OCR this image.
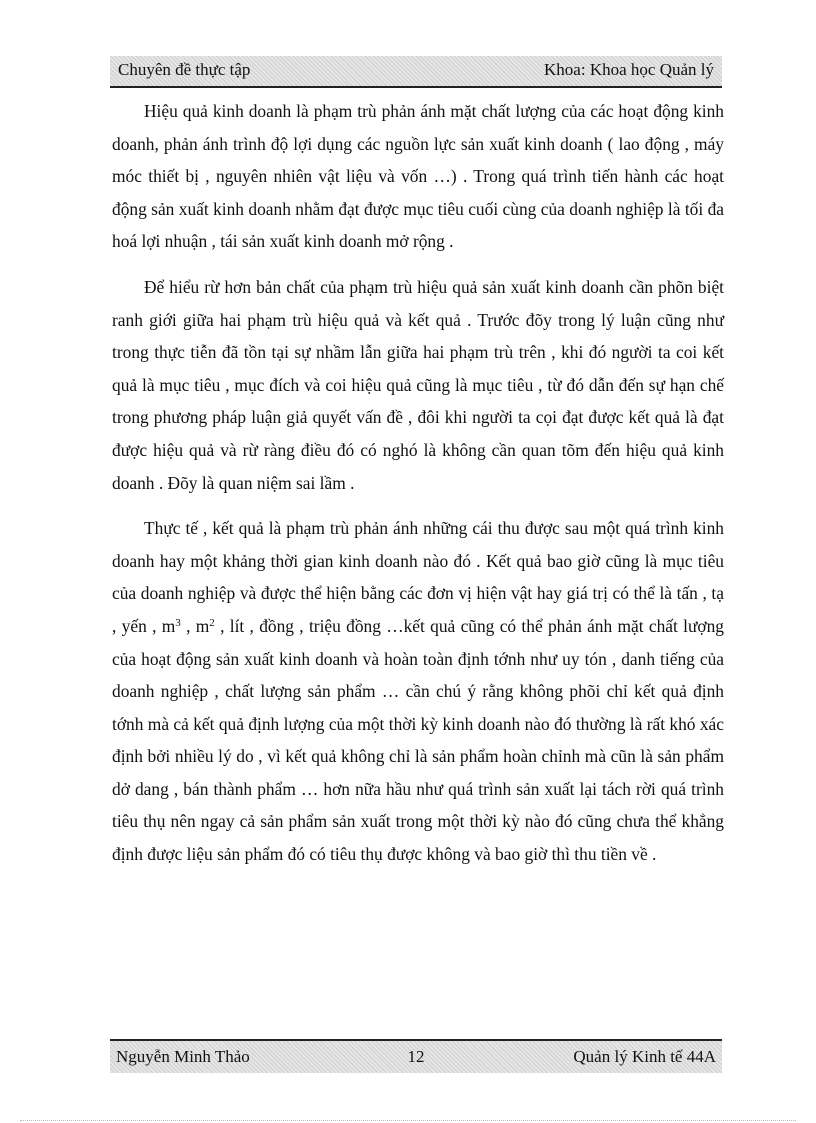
Chuyên đề thực tập	Khoa: Khoa học Quản lý

Hiệu quả kinh doanh là phạm trù phản ánh mặt chất lượng của các hoạt động kinh doanh, phản ánh trình độ lợi dụng các nguồn lực sản xuất kinh doanh ( lao động , máy móc thiết bị , nguyên nhiên vật liệu và vốn …) . Trong quá trình tiến hành các hoạt động sản xuất kinh doanh nhằm đạt được mục tiêu cuối cùng của doanh nghiệp là tối đa hoá lợi nhuận , tái sản xuất kinh doanh mở rộng .

Để hiểu rừ hơn bản chất của phạm trù hiệu quả sản xuất kinh doanh cần phõn biệt ranh giới giữa hai phạm trù hiệu quả và kết quả . Trước đõy trong lý luận cũng như trong thực tiễn đã tồn tại sự nhầm lẫn giữa hai phạm trù trên , khi đó người ta coi kết quả là mục tiêu , mục đích và coi hiệu quả cũng là mục tiêu , từ đó dẫn đến sự hạn chế trong phương pháp luận giả quyết vấn đề , đôi khi người ta cọi đạt được kết quả là đạt được hiệu quả và rừ ràng điều đó có nghó là không cần quan tõm đến hiệu quả kinh doanh . Đõy là quan niệm sai lầm .

Thực tế , kết quả là phạm trù phản ánh những cái thu được sau một quá trình kinh doanh hay một khảng thời gian kinh doanh nào đó . Kết quả bao giờ cũng là mục tiêu của doanh nghiệp và được thể hiện bằng các đơn vị hiện vật hay giá trị có thể là tấn , tạ , yến , $m^3$ , $m^2$ , lít , đồng , triệu đồng …kết quả cũng có thể phản ánh mặt chất lượng của hoạt động sản xuất kinh doanh và hoàn toàn định tớnh như uy tón , danh tiếng của doanh nghiệp , chất lượng sản phẩm … cần chú ý rằng không phõi chỉ kết quả định tớnh mà cả kết quả định lượng của một thời kỳ kinh doanh nào đó thường là rất khó xác định bởi nhiều lý do , vì kết quả không chỉ là sản phẩm hoàn chỉnh mà cũn là sản phẩm dở dang , bán thành phẩm … hơn nữa hầu như quá trình sản xuất lại tách rời quá trình tiêu thụ nên ngay cả sản phẩm sản xuất trong một thời kỳ nào đó cũng chưa thể khẳng định được liệu sản phẩm đó có tiêu thụ được không và bao giờ thì thu tiền về .

Nguyễn Minh Thảo	12	Quản lý Kinh tế 44A
